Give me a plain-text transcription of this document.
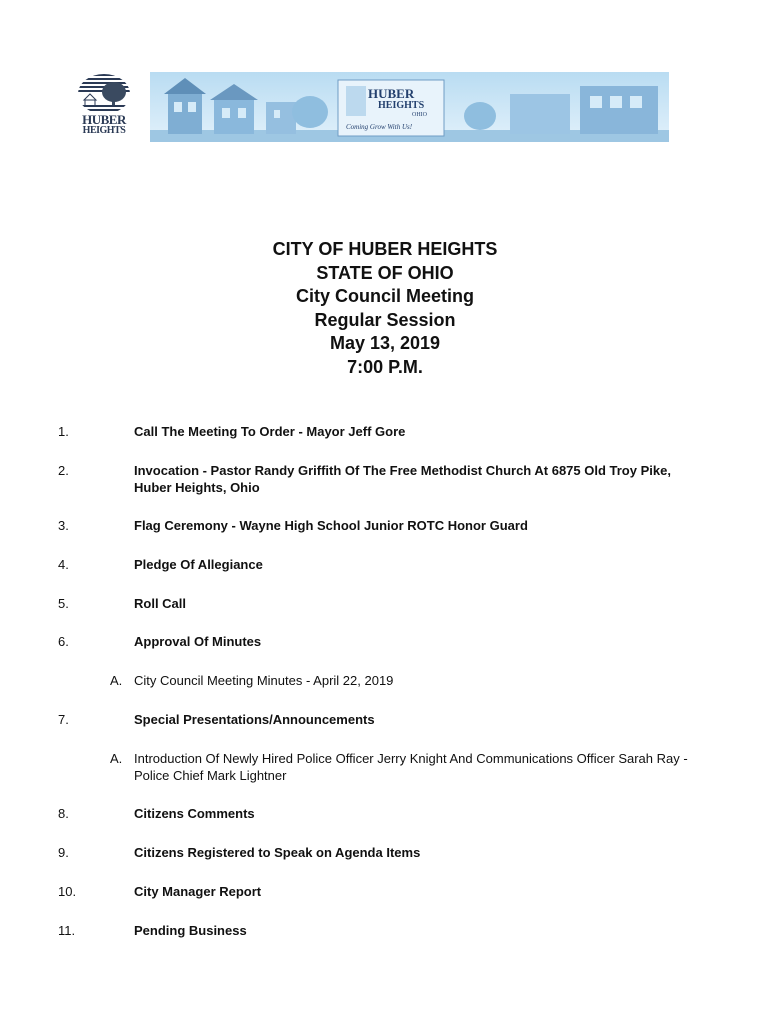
HUBER
HEIGHTS
HUBER
HEIGHTS
OHIO
Coming Grow With Us!
CITY OF HUBER HEIGHTS
STATE OF OHIO
City Council Meeting
Regular Session
May 13, 2019
7:00 P.M.
1.	Call The Meeting To Order - Mayor Jeff Gore
2.	Invocation - Pastor Randy Griffith Of The Free Methodist Church At 6875 Old Troy Pike, Huber Heights, Ohio
3.	Flag Ceremony - Wayne High School Junior ROTC Honor Guard
4.	Pledge Of Allegiance
5.	Roll Call
6.	Approval Of Minutes
A. City Council Meeting Minutes - April 22, 2019
7.	Special Presentations/Announcements
A. Introduction Of Newly Hired Police Officer Jerry Knight And Communications Officer Sarah Ray - Police Chief Mark Lightner
8.	Citizens Comments
9.	Citizens Registered to Speak on Agenda Items
10.	City Manager Report
11.	Pending Business
